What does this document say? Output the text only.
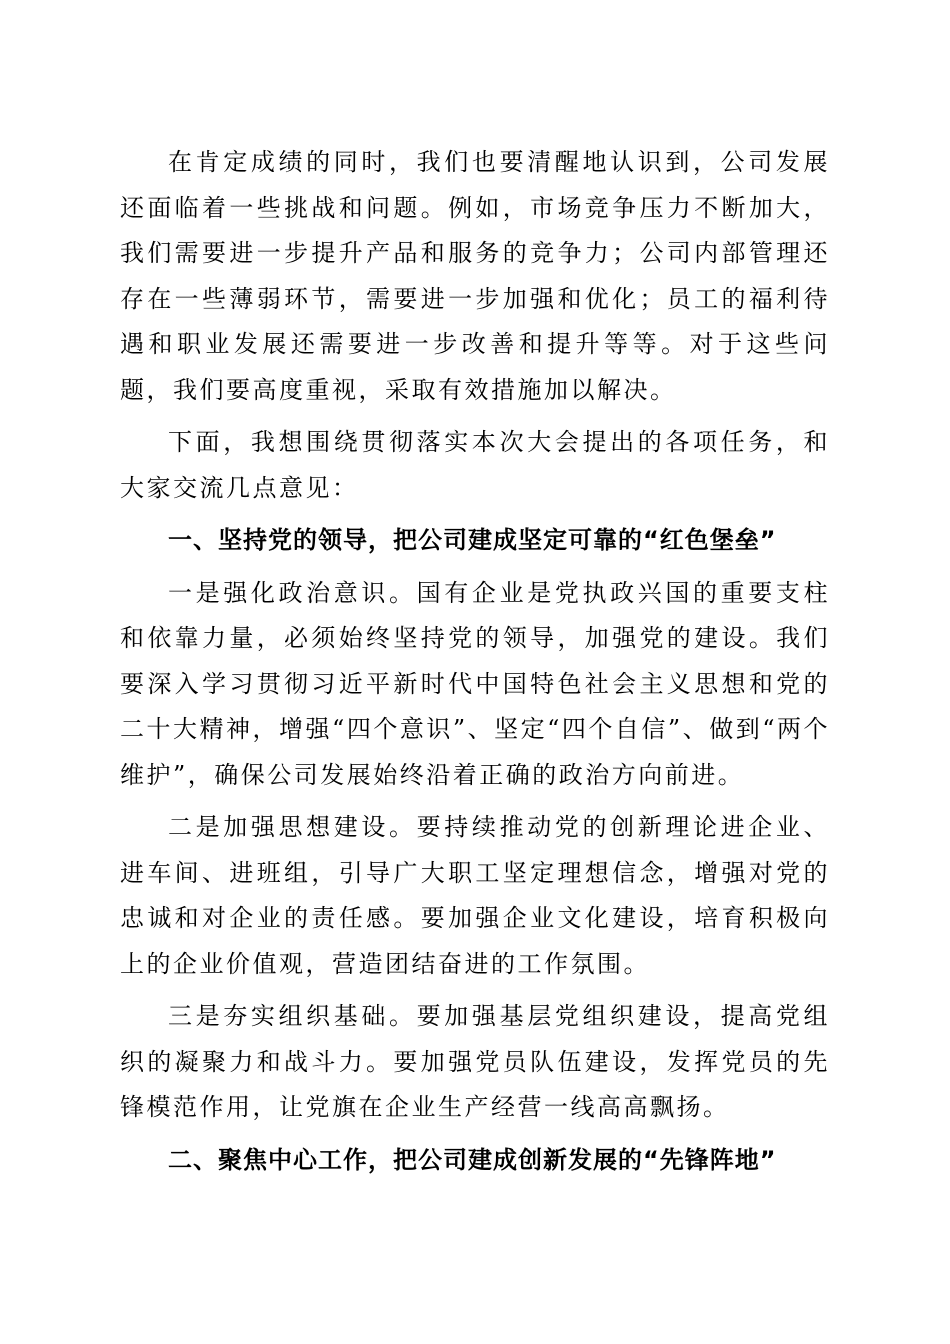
在肯定成绩的同时，我们也要清醒地认识到，公司发展还面临着一些挑战和问题。例如，市场竞争压力不断加大，我们需要进一步提升产品和服务的竞争力；公司内部管理还存在一些薄弱环节，需要进一步加强和优化；员工的福利待遇和职业发展还需要进一步改善和提升等等。对于这些问题，我们要高度重视，采取有效措施加以解决。

下面，我想围绕贯彻落实本次大会提出的各项任务，和大家交流几点意见：

一、坚持党的领导，把公司建成坚定可靠的“红色堡垒”

一是强化政治意识。国有企业是党执政兴国的重要支柱和依靠力量，必须始终坚持党的领导，加强党的建设。我们要深入学习贯彻习近平新时代中国特色社会主义思想和党的二十大精神，增强“四个意识”、坚定“四个自信”、做到“两个维护”，确保公司发展始终沿着正确的政治方向前进。

二是加强思想建设。要持续推动党的创新理论进企业、进车间、进班组，引导广大职工坚定理想信念，增强对党的忠诚和对企业的责任感。要加强企业文化建设，培育积极向上的企业价值观，营造团结奋进的工作氛围。

三是夯实组织基础。要加强基层党组织建设，提高党组织的凝聚力和战斗力。要加强党员队伍建设，发挥党员的先锋模范作用，让党旗在企业生产经营一线高高飘扬。

二、聚焦中心工作，把公司建成创新发展的“先锋阵地”
